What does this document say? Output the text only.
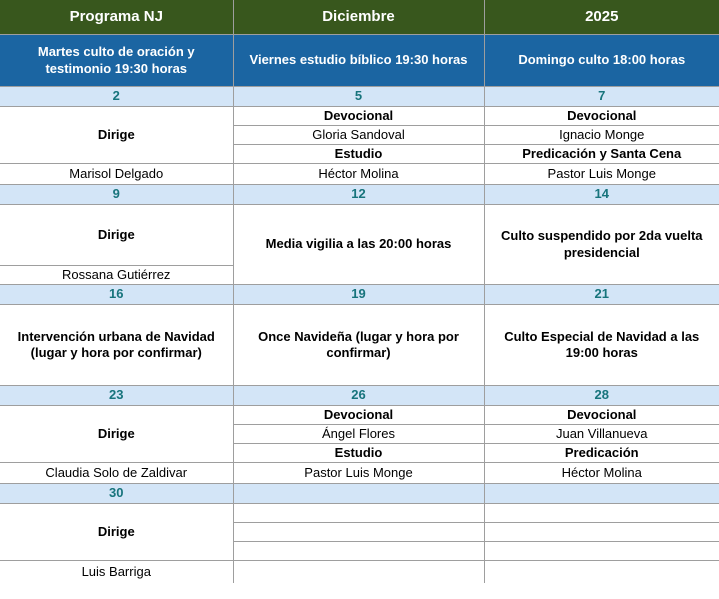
Programa NJ	Diciembre	2025
Martes culto de oración y testimonio 19:30 horas	Viernes estudio bíblico 19:30 horas	Domingo culto 18:00 horas
2	5	7
Dirige	Devocional	Devocional
	Gloria Sandoval	Ignacio Monge
	Estudio	Predicación y Santa Cena
Marisol Delgado	Héctor Molina	Pastor Luis Monge
9	12	14
Dirige	Media vigilia a las 20:00 horas	Culto suspendido por 2da vuelta presidencial
Rossana Gutiérrez		
16	19	21
Intervención urbana de Navidad (lugar y hora por confirmar)	Once Navideña (lugar y hora por confirmar)	Culto Especial de Navidad a las 19:00 horas
23	26	28
Dirige	Devocional	Devocional
	Ángel Flores	Juan Villanueva
	Estudio	Predicación
Claudia Solo de Zaldivar	Pastor Luis Monge	Héctor Molina
30		
Dirige		

Luis Barriga		
